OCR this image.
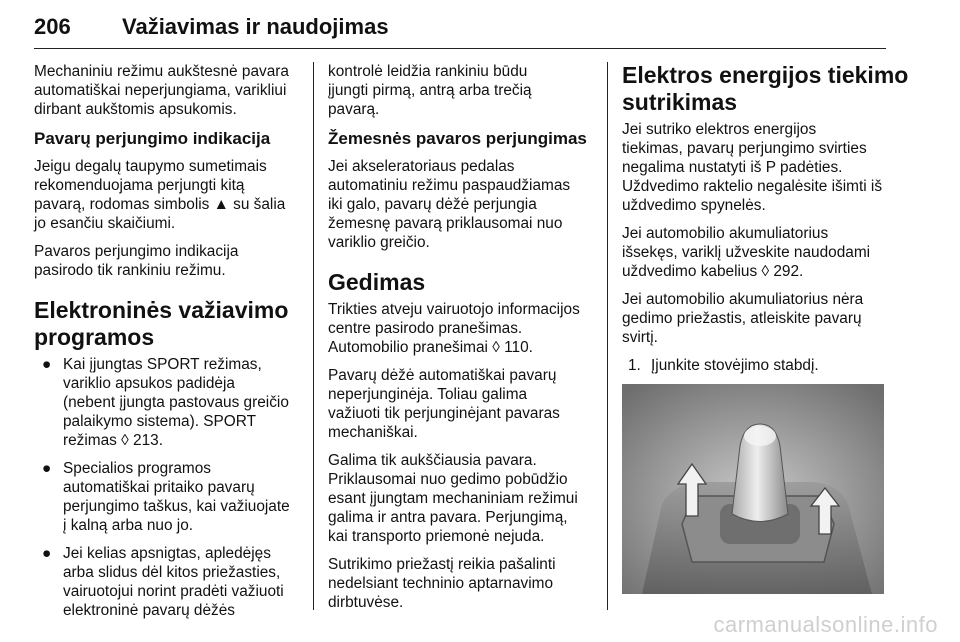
206 Važiavimas ir naudojimas

Mechaniniu režimu aukštesnė pavara
automatiškai neperjungiama, varikliui
dirbant aukštomis apsukomis.

Pavarų perjungimo indikacija

Jeigu degalų taupymo sumetimais
rekomenduojama perjungti kitą
pavarą, rodomas simbolis ▲ su šalia
jo esančiu skaičiumi.

Pavaros perjungimo indikacija
pasirodo tik rankiniu režimu.

Elektroninės važiavimo
programos
● Kai įjungtas SPORT režimas,
variklio apsukos padidėja
(nebent įjungta pastovaus greičio
palaikymo sistema). SPORT
režimas ◊ 213.
● Specialios programos
automatiškai pritaiko pavarų
perjungimo taškus, kai važiuojate
į kalną arba nuo jo.
● Jei kelias apsnigtas, apledėjęs
arba slidus dėl kitos priežasties,
vairuotojui norint pradėti važiuoti
elektroninė pavarų dėžės

kontrolė leidžia rankiniu būdu
įjungti pirmą, antrą arba trečią
pavarą.

Žemesnės pavaros perjungimas

Jei akseleratoriaus pedalas
automatiniu režimu paspaudžiamas
iki galo, pavarų dėžė perjungia
žemesnę pavarą priklausomai nuo
variklio greičio.

Gedimas

Trikties atveju vairuotojo informacijos
centre pasirodo pranešimas.
Automobilio pranešimai ◊ 110.

Pavarų dėžė automatiškai pavarų
neperjunginėja. Toliau galima
važiuoti tik perjunginėjant pavaras
mechaniškai.

Galima tik aukščiausia pavara.
Priklausomai nuo gedimo pobūdžio
esant įjungtam mechaniniam režimui
galima ir antra pavara. Perjungimą,
kai transporto priemonė nejuda.

Sutrikimo priežastį reikia pašalinti
nedelsiant techninio aptarnavimo
dirbtuvėse.

Elektros energijos tiekimo
sutrikimas

Jei sutriko elektros energijos
tiekimas, pavarų perjungimo svirties
negalima nustatyti iš P padėties.
Uždvedimo raktelio negalėsite išimti iš
uždvedimo spynelės.

Jei automobilio akumuliatorius
išsekęs, variklį užveskite naudodami
uždvedimo kabelius ◊ 292.

Jei automobilio akumuliatorius nėra
gedimo priežastis, atleiskite pavarų
svirtį.

1. Įjunkite stovėjimo stabdį.
carmanualsonline.info
